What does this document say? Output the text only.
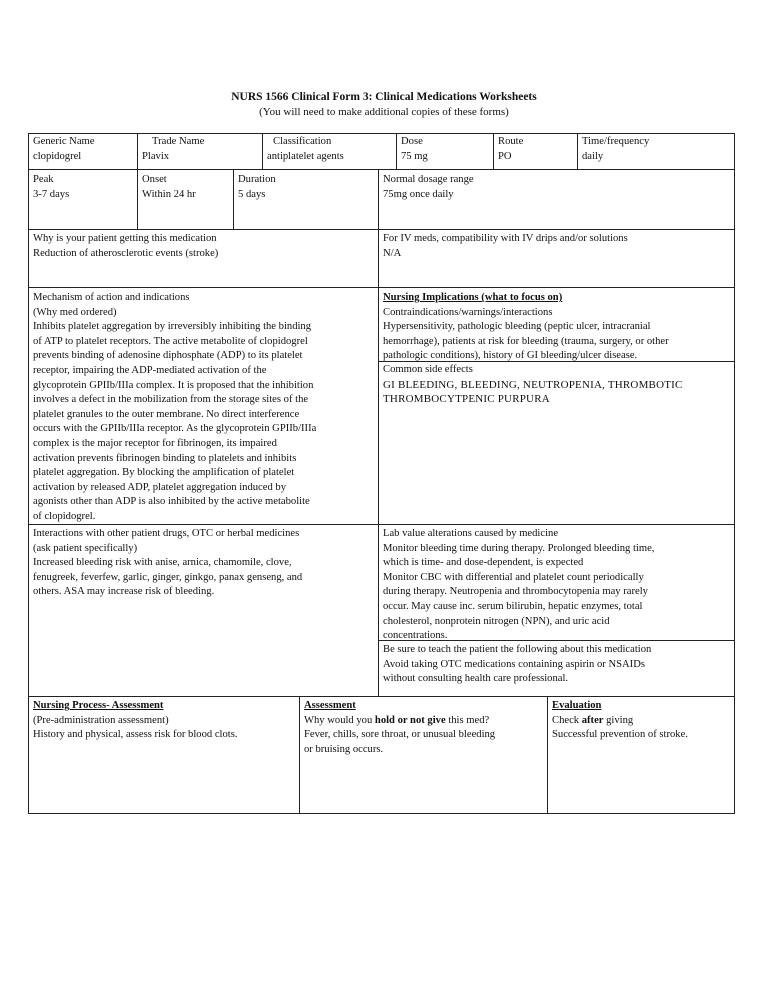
NURS 1566 Clinical Form 3: Clinical Medications Worksheets
(You will need to make additional copies of these forms)
Generic Name
clopidogrel
Trade Name
Plavix
Classification
antiplatelet agents
Dose
75 mg
Route
PO
Time/frequency
daily
Peak
3-7 days
Onset
Within 24 hr
Duration
5 days
Normal dosage range
75mg once daily
Why is your patient getting this medication
Reduction of atherosclerotic events (stroke)
For IV meds, compatibility with IV drips and/or solutions
N/A
Mechanism of action and indications
(Why med ordered)
Inhibits platelet aggregation by irreversibly inhibiting the binding
of ATP to platelet receptors. The active metabolite of clopidogrel
prevents binding of adenosine diphosphate (ADP) to its platelet
receptor, impairing the ADP-mediated activation of the
glycoprotein GPIIb/IIIa complex. It is proposed that the inhibition
involves a defect in the mobilization from the storage sites of the
platelet granules to the outer membrane. No direct interference
occurs with the GPIIb/IIIa receptor. As the glycoprotein GPIIb/IIIa
complex is the major receptor for fibrinogen, its impaired
activation prevents fibrinogen binding to platelets and inhibits
platelet aggregation. By blocking the amplification of platelet
activation by released ADP, platelet aggregation induced by
agonists other than ADP is also inhibited by the active metabolite
of clopidogrel.
Nursing Implications (what to focus on)
Contraindications/warnings/interactions
Hypersensitivity, pathologic bleeding (peptic ulcer, intracranial
hemorrhage), patients at risk for bleeding (trauma, surgery, or other
pathologic conditions), history of GI bleeding/ulcer disease.
Common side effects
GI BLEEDING, BLEEDING, NEUTROPENIA, THROMBOTIC
THROMBOCYTPENIC PURPURA
Interactions with other patient drugs, OTC or herbal medicines
(ask patient specifically)
Increased bleeding risk with anise, arnica, chamomile, clove,
fenugreek, feverfew, garlic, ginger, ginkgo, panax genseng, and
others. ASA may increase risk of bleeding.
Lab value alterations caused by medicine
Monitor bleeding time during therapy. Prolonged bleeding time,
which is time- and dose-dependent, is expected
Monitor CBC with differential and platelet count periodically
during therapy. Neutropenia and thrombocytopenia may rarely
occur. May cause inc. serum bilirubin, hepatic enzymes, total
cholesterol, nonprotein nitrogen (NPN), and uric acid
concentrations.
Be sure to teach the patient the following about this medication
Avoid taking OTC medications containing aspirin or NSAIDs
without consulting health care professional.
Nursing Process- Assessment
(Pre-administration assessment)
History and physical, assess risk for blood clots.
Assessment
Why would you hold or not give this med?
Fever, chills, sore throat, or unusual bleeding
or bruising occurs.
Evaluation
Check after giving
Successful prevention of stroke.
